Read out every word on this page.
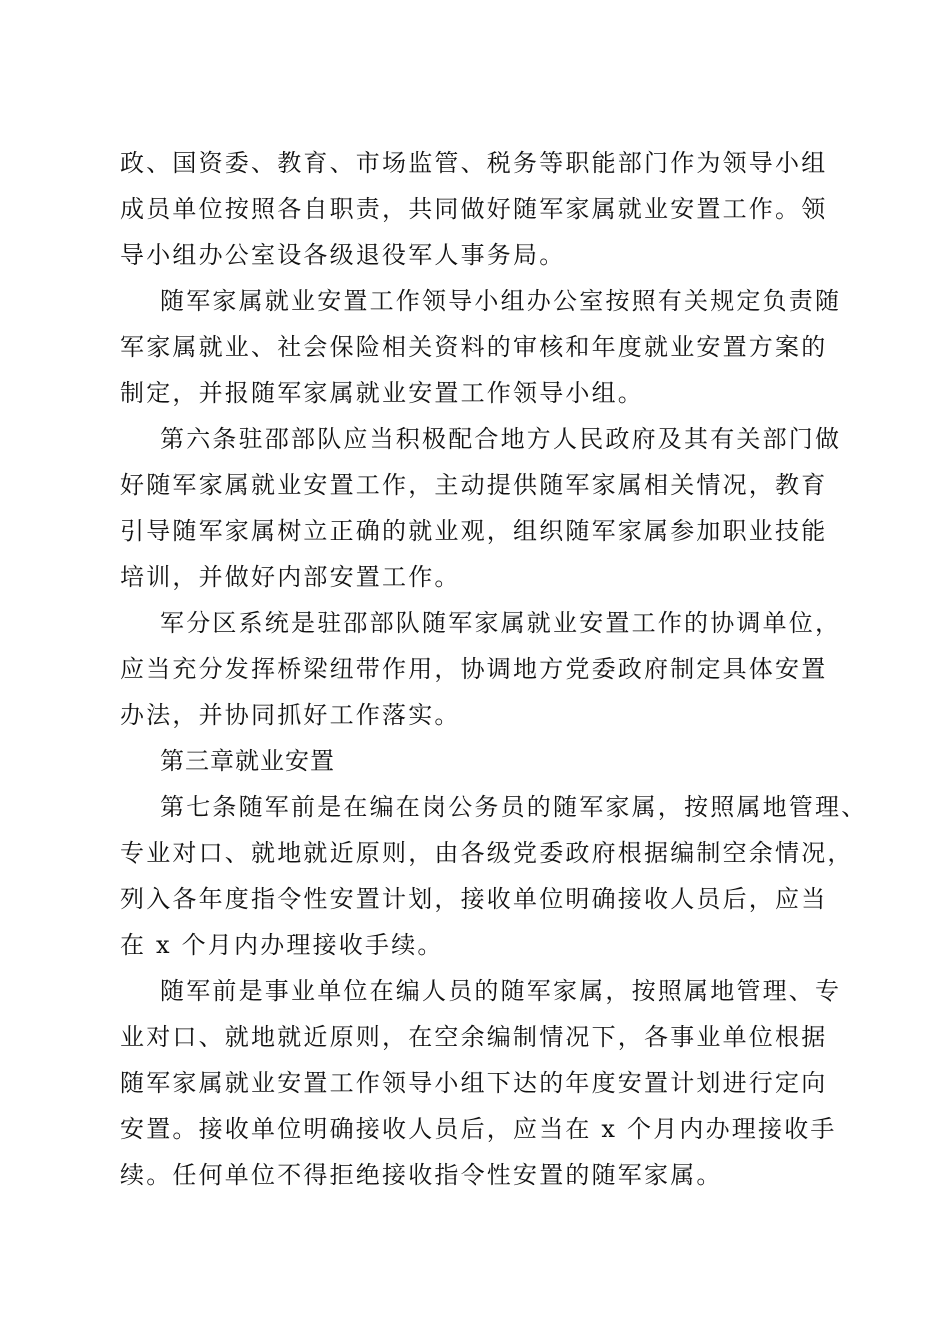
政、国资委、教育、市场监管、税务等职能部门作为领导小组
成员单位按照各自职责，共同做好随军家属就业安置工作。领
导小组办公室设各级退役军人事务局。
随军家属就业安置工作领导小组办公室按照有关规定负责随
军家属就业、社会保险相关资料的审核和年度就业安置方案的
制定，并报随军家属就业安置工作领导小组。
第六条驻邵部队应当积极配合地方人民政府及其有关部门做
好随军家属就业安置工作，主动提供随军家属相关情况，教育
引导随军家属树立正确的就业观，组织随军家属参加职业技能
培训，并做好内部安置工作。
军分区系统是驻邵部队随军家属就业安置工作的协调单位，
应当充分发挥桥梁纽带作用，协调地方党委政府制定具体安置
办法，并协同抓好工作落实。
第三章就业安置
第七条随军前是在编在岗公务员的随军家属，按照属地管理、
专业对口、就地就近原则，由各级党委政府根据编制空余情况，
列入各年度指令性安置计划，接收单位明确接收人员后，应当
在 x 个月内办理接收手续。
随军前是事业单位在编人员的随军家属，按照属地管理、专
业对口、就地就近原则，在空余编制情况下，各事业单位根据
随军家属就业安置工作领导小组下达的年度安置计划进行定向
安置。接收单位明确接收人员后，应当在 x 个月内办理接收手
续。任何单位不得拒绝接收指令性安置的随军家属。
